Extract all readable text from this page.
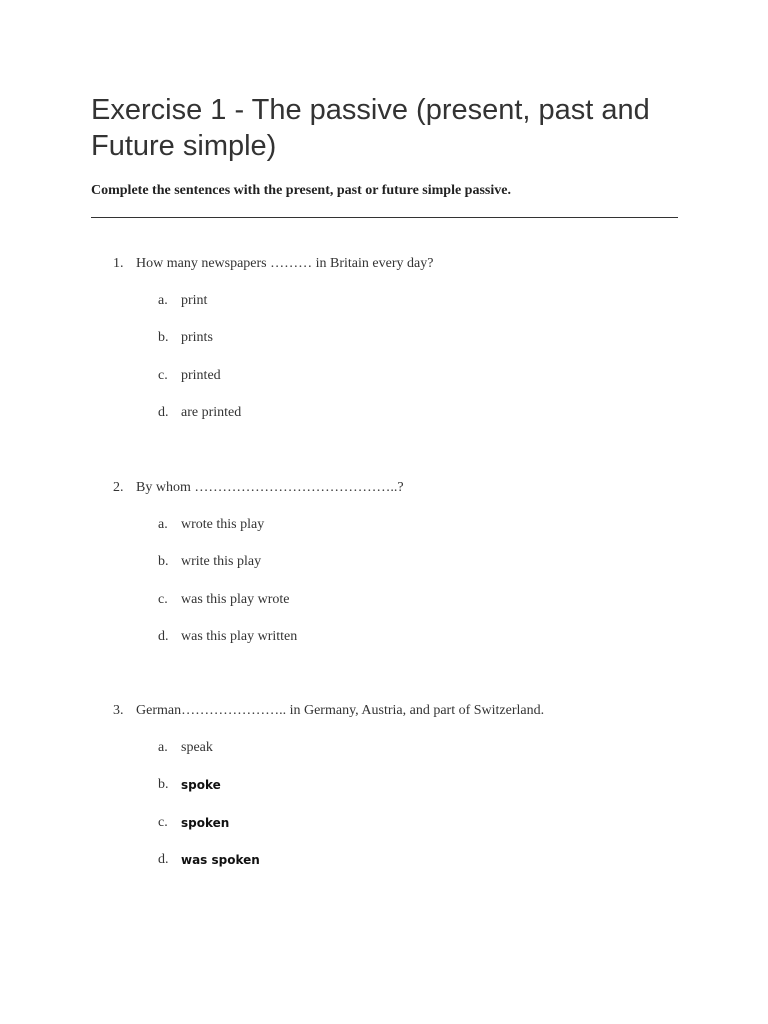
Exercise 1 - The passive (present, past and Future simple)

Complete the sentences with the present, past or future simple passive.

1. How many newspapers ……… in Britain every day?
a. print
b. prints
c. printed
d. are printed
2. By whom ……………………………………..?
a. wrote this play
b. write this play
c. was this play wrote
d. was this play written
3. German………………….. in Germany, Austria, and part of Switzerland.
a. speak
b. spoke
c. spoken
d. was spoken
